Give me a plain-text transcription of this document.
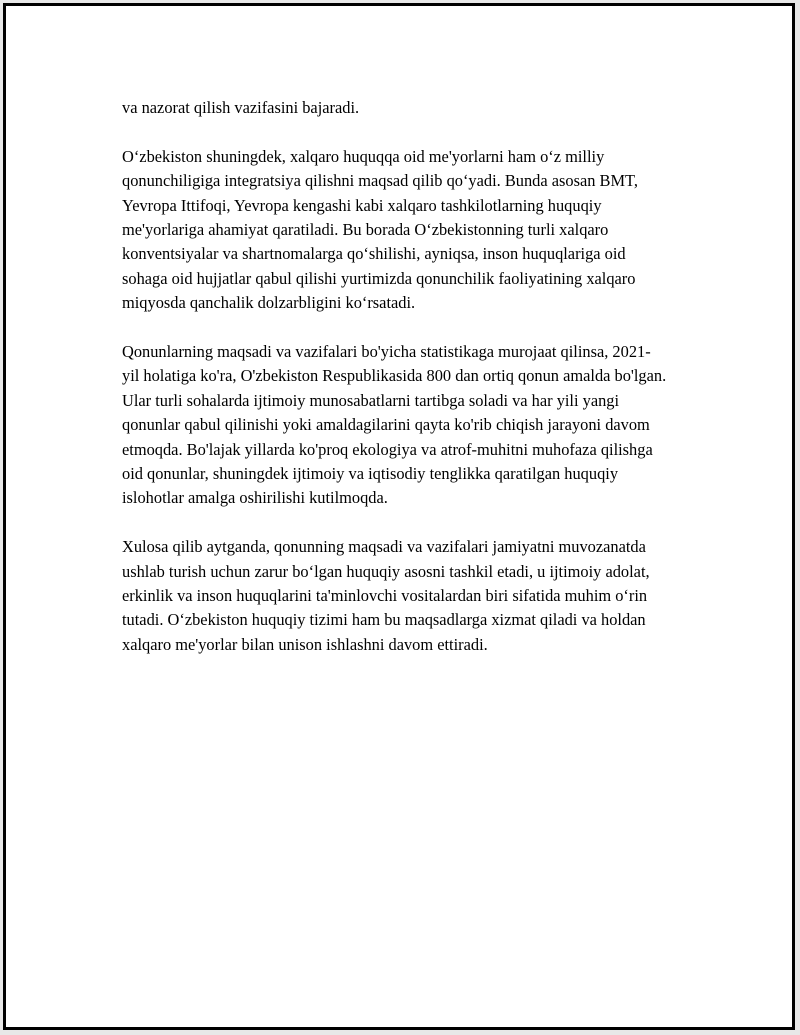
va nazorat qilish vazifasini bajaradi.

O‘zbekiston shuningdek, xalqaro huquqqa oid me'yorlarni ham o‘z milliy qonunchiligiga integratsiya qilishni maqsad qilib qo‘yadi. Bunda asosan BMT, Yevropa Ittifoqi, Yevropa kengashi kabi xalqaro tashkilotlarning huquqiy me'yorlariga ahamiyat qaratiladi. Bu borada O‘zbekistonning turli xalqaro konventsiyalar va shartnomalarga qo‘shilishi, ayniqsa, inson huquqlariga oid sohaga oid hujjatlar qabul qilishi yurtimizda qonunchilik faoliyatining xalqaro miqyosda qanchalik dolzarbligini ko‘rsatadi.

Qonunlarning maqsadi va vazifalari bo'yicha statistikaga murojaat qilinsa, 2021-yil holatiga ko'ra, O'zbekiston Respublikasida 800 dan ortiq qonun amalda bo'lgan. Ular turli sohalarda ijtimoiy munosabatlarni tartibga soladi va har yili yangi qonunlar qabul qilinishi yoki amaldagilarini qayta ko'rib chiqish jarayoni davom etmoqda. Bo'lajak yillarda ko'proq ekologiya va atrof-muhitni muhofaza qilishga oid qonunlar, shuningdek ijtimoiy va iqtisodiy tenglikka qaratilgan huquqiy islohotlar amalga oshirilishi kutilmoqda.

Xulosa qilib aytganda, qonunning maqsadi va vazifalari jamiyatni muvozanatda ushlab turish uchun zarur bo‘lgan huquqiy asosni tashkil etadi, u ijtimoiy adolat, erkinlik va inson huquqlarini ta'minlovchi vositalardan biri sifatida muhim o‘rin tutadi. O‘zbekiston huquqiy tizimi ham bu maqsadlarga xizmat qiladi va holdan xalqaro me'yorlar bilan unison ishlashni davom ettiradi.
